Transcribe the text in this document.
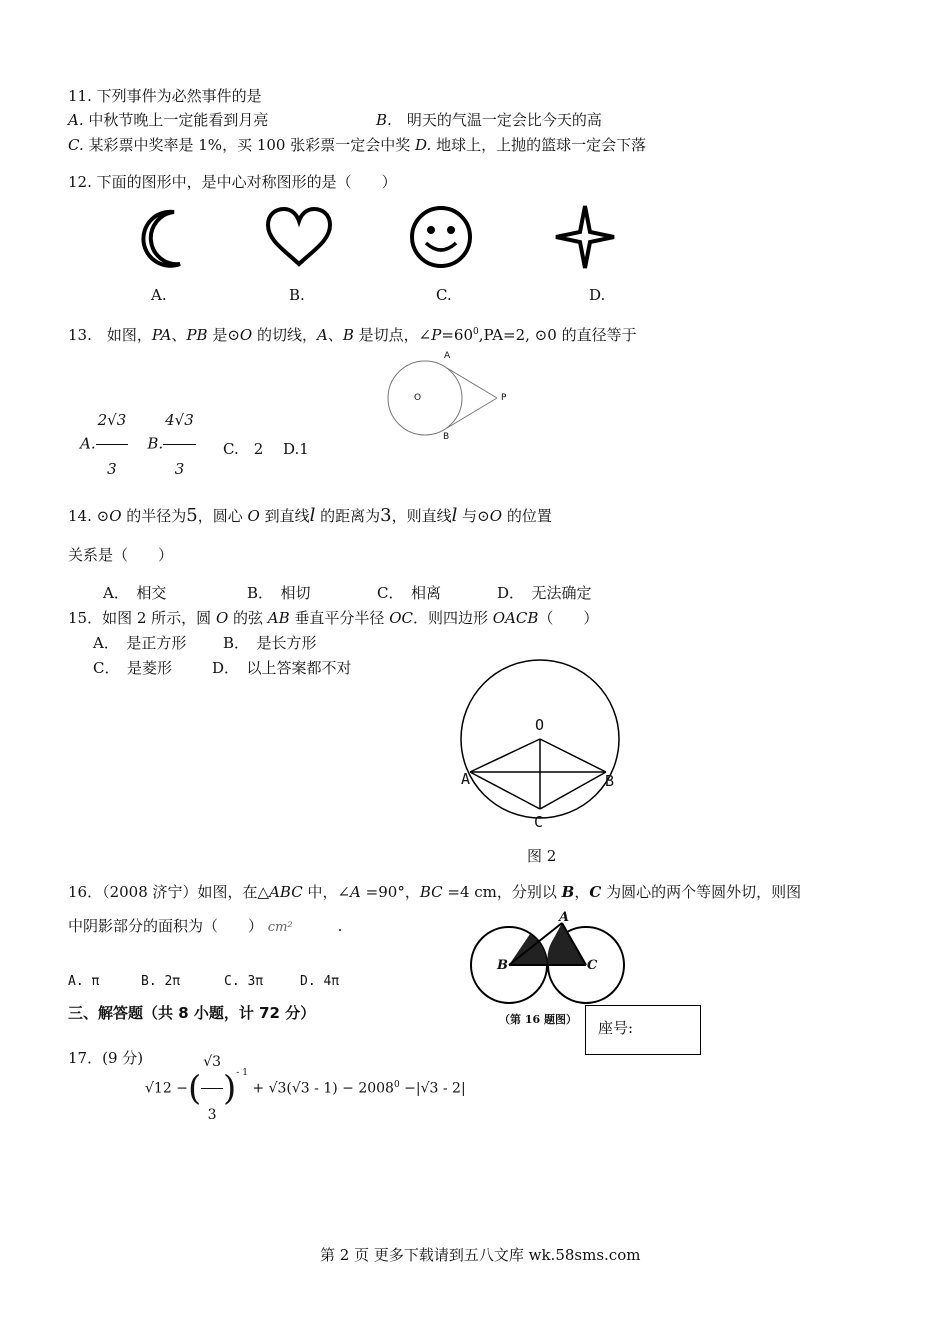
11. 下列事件为必然事件的是
A. 中秋节晚上一定能看到月亮	B.　 明天的气温一定会比今天的高
C. 某彩票中奖率是 1%，买 100 张彩票一定会中奖 D. 地球上，上抛的篮球一定会下落
12. 下面的图形中，是中心对称图形的是（　　）
A.	B.	C.	D.
13.　如图，PA、PB 是⊙O 的切线，A、B 是切点，$\angle P=60^0,PA=2$, ⊙0 的直径等于
A
O	P
B
A. $\frac{2√3}{3} B$. $\frac{4√3}{3} C$.　2　 D.1
14. ⊙O 的半径为5，圆心 O 到直线l 的距离为3，则直线l 与⊙O 的位置
关系是（　　）
A．　相交	B．　相切	C．　相离	D．　无法确定
15．如图 2 所示，圆 O 的弦 AB 垂直平分半径 OC．则四边形 OACB（　　）
A．　是正方形 B．　是长方形
C．　是菱形	D．　以上答案都不对
O
A	B
C
图 2
16．（2008 济宁）如图，在△ABC 中，∠A =90°，BC =4 cm，分别以 B，C 为圆心的两个等圆外切，则图
中阴影部分的面积为（　　） cm²　　　	.	A
B	C
（第 16 题图）
A. π	B. 2π	C. 3π	D. 4π
三、解答题（共 8 小题，计 72 分）
座号:
17．(9 分)
√12 −( $\frac{√3}{3} )^{- 1} + √3(√3 - 1) - 2008^0 -|√3 - 2|$
第 2 页 更多下载请到五八文库 wk.58sms.com
